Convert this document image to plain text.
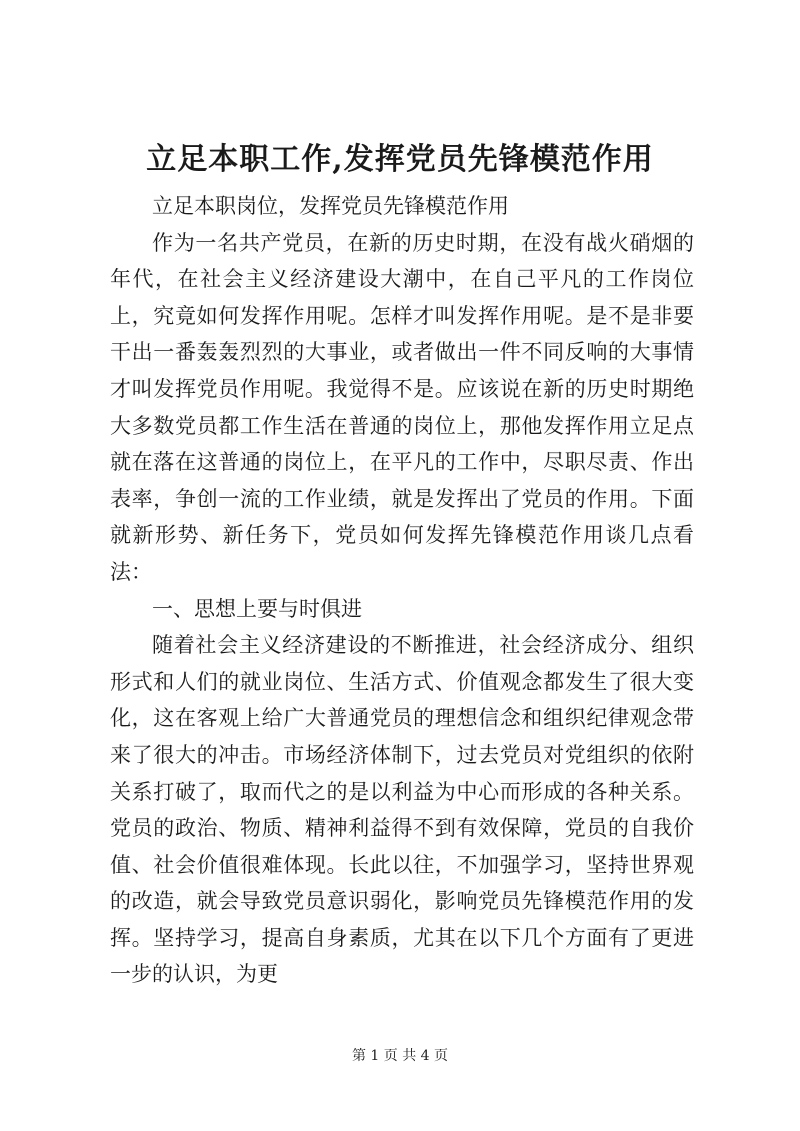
立足本职工作,发挥党员先锋模范作用

立足本职岗位，发挥党员先锋模范作用

作为一名共产党员，在新的历史时期，在没有战火硝烟的年代，在社会主义经济建设大潮中，在自己平凡的工作岗位上，究竟如何发挥作用呢。怎样才叫发挥作用呢。是不是非要干出一番轰轰烈烈的大事业，或者做出一件不同反响的大事情才叫发挥党员作用呢。我觉得不是。应该说在新的历史时期绝大多数党员都工作生活在普通的岗位上，那他发挥作用立足点就在落在这普通的岗位上，在平凡的工作中，尽职尽责、作出表率，争创一流的工作业绩，就是发挥出了党员的作用。下面就新形势、新任务下，党员如何发挥先锋模范作用谈几点看法：

一、思想上要与时俱进

随着社会主义经济建设的不断推进，社会经济成分、组织形式和人们的就业岗位、生活方式、价值观念都发生了很大变化，这在客观上给广大普通党员的理想信念和组织纪律观念带来了很大的冲击。市场经济体制下，过去党员对党组织的依附关系打破了，取而代之的是以利益为中心而形成的各种关系。党员的政治、物质、精神利益得不到有效保障，党员的自我价值、社会价值很难体现。长此以往，不加强学习，坚持世界观的改造，就会导致党员意识弱化，影响党员先锋模范作用的发挥。坚持学习，提高自身素质，尤其在以下几个方面有了更进一步的认识，为更

第 1 页 共 4 页
